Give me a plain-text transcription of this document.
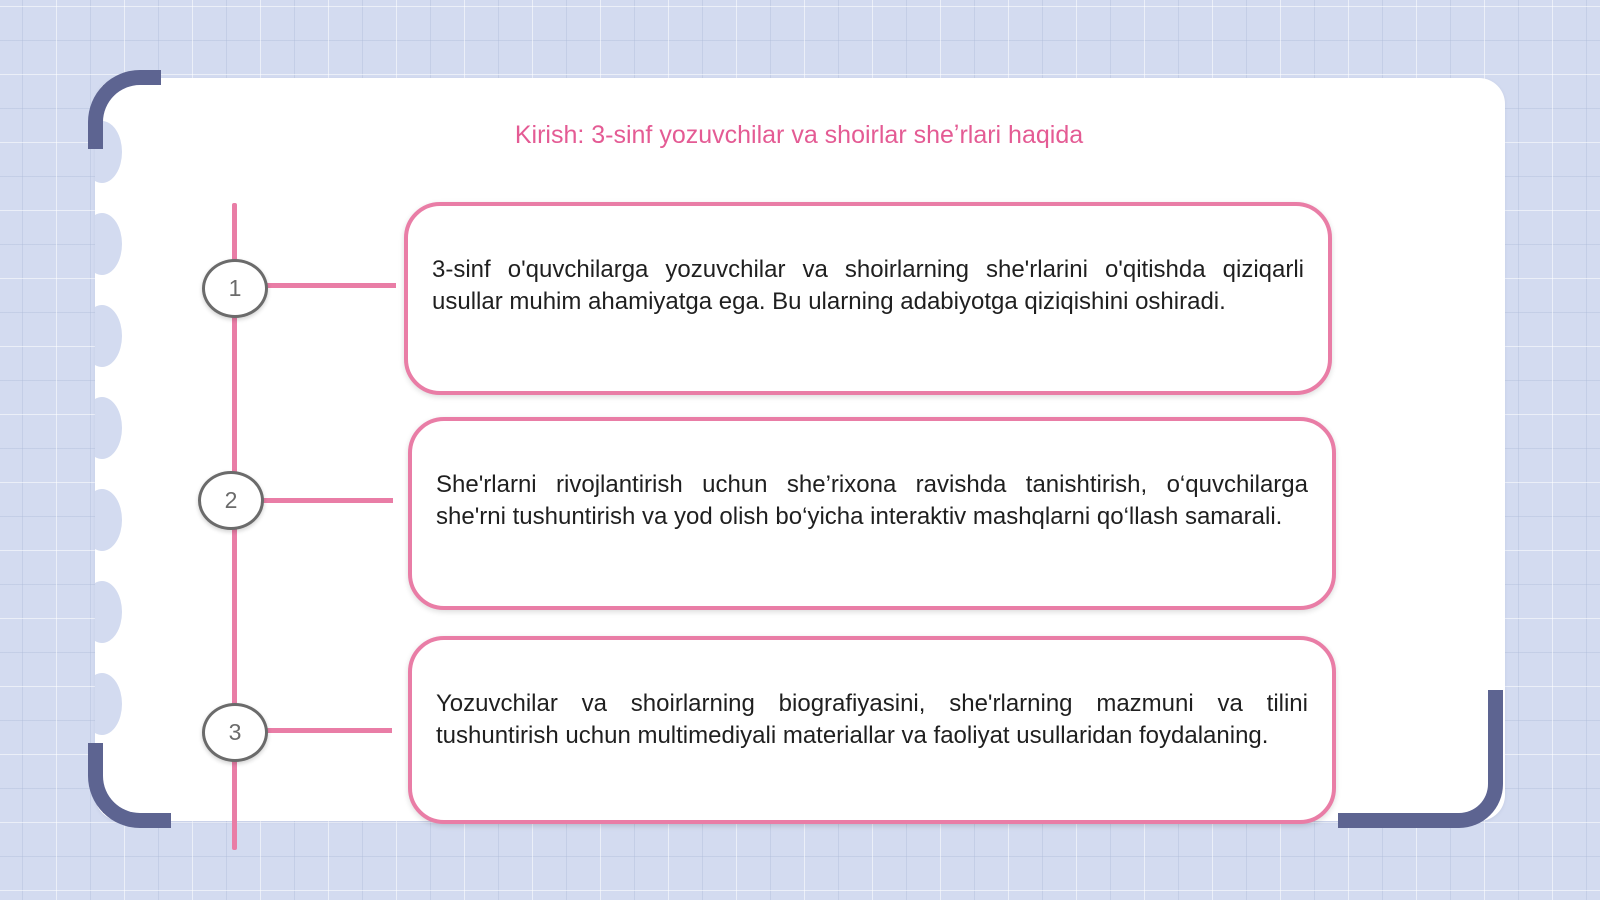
Kirish: 3-sinf yozuvchilar va shoirlar sheʼrlari haqida
1

3-sinf o'quvchilarga yozuvchilar va shoirlarning she'rlarini o'qitishda qiziqarli usullar muhim ahamiyatga ega. Bu ularning adabiyotga qiziqishini oshiradi.

2

She'rlarni rivojlantirish uchun she’rixona ravishda tanishtirish, o‘quvchilarga she'rni tushuntirish va yod olish bo‘yicha interaktiv mashqlarni qo‘llash samarali.

3

Yozuvchilar va shoirlarning biografiyasini, she'rlarning mazmuni va tilini tushuntirish uchun multimediyali materiallar va faoliyat usullaridan foydalaning.
